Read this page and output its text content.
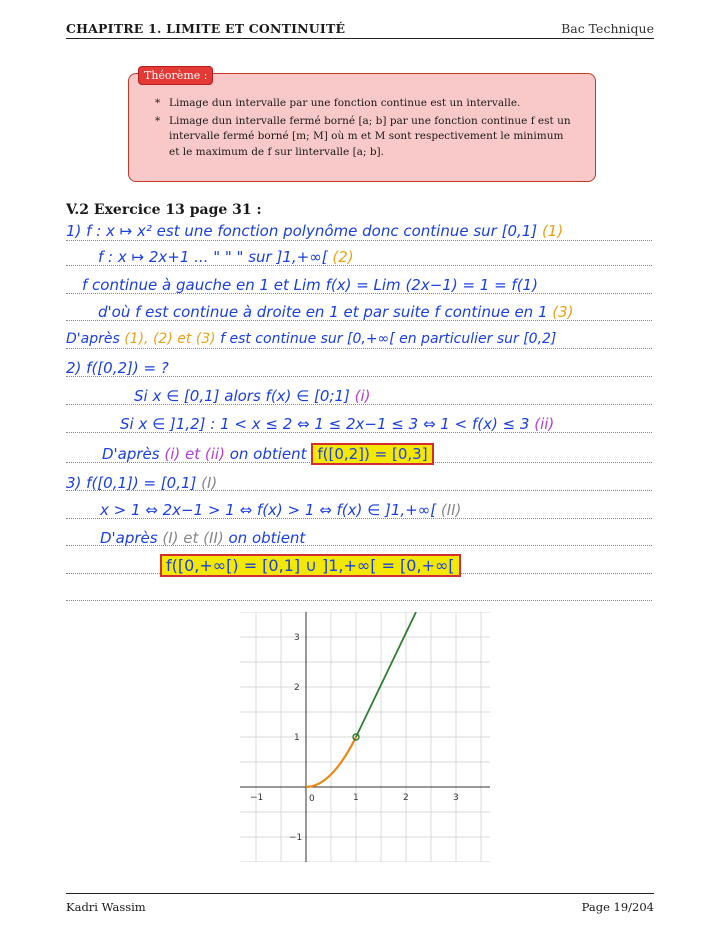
CHAPITRE 1. LIMITE ET CONTINUITÉ	Bac Technique
* Limage dun intervalle par une fonction continue est un intervalle.
* Limage dun intervalle fermé borné [a; b] par une fonction continue f est un intervalle fermé borné [m; M] où m et M sont respectivement le minimum et le maximum de f sur lintervalle [a; b].
Théorème :
V.2 Exercice 13 page 31 :
1) f : x ↦ x² est une fonction polynôme donc continue sur [0,1] (1)
f : x ↦ 2x+1 ... " " " sur ]1,+∞[ (2)
f continue à gauche en 1 et Lim f(x) = Lim (2x−1) = 1 = f(1)
d'où f est continue à droite en 1 et par suite f continue en 1 (3)
D'après (1), (2) et (3) f est continue sur [0,+∞[ en particulier sur [0,2]
2) f([0,2]) = ?
Si x ∈ [0,1] alors f(x) ∈ [0;1] (i)
Si x ∈ ]1,2] : 1 < x ≤ 2 ⇔ 1 ≤ 2x−1 ≤ 3 ⇔ 1 < f(x) ≤ 3 (ii)
D'après (i) et (ii) on obtient f([0,2]) = [0,3]
3) f([0,1]) = [0,1] (I)
x > 1 ⇔ 2x−1 > 1 ⇔ f(x) > 1 ⇔ f(x) ∈ ]1,+∞[ (II)
D'après (I) et (II) on obtient
f([0,+∞[) = [0,1] ∪ ]1,+∞[ = [0,+∞[
−1	0	1	2	3
3
2
1
−1
Kadri Wassim	Page 19/204
